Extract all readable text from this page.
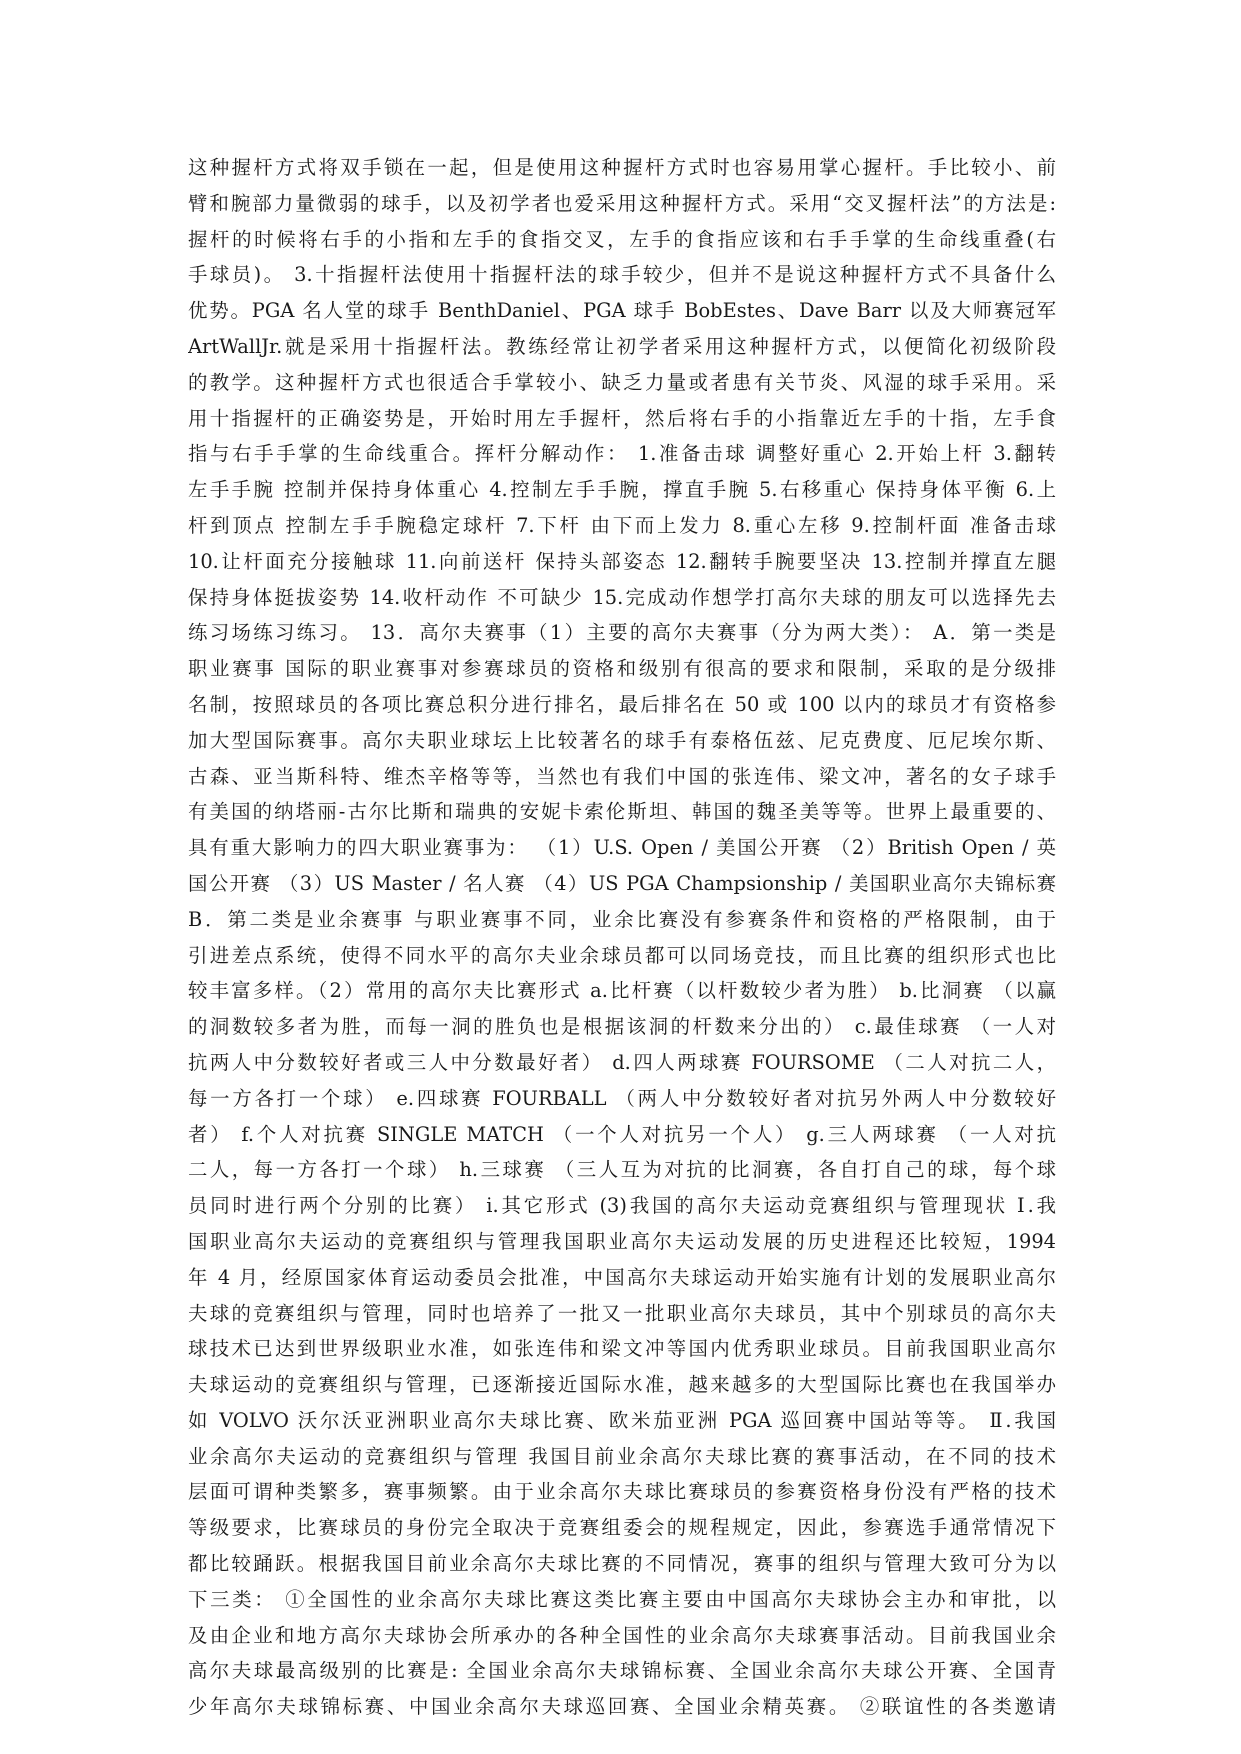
这种握杆方式将双手锁在一起，但是使用这种握杆方式时也容易用掌心握杆。手比较小、前
臂和腕部力量微弱的球手，以及初学者也爱采用这种握杆方式。采用“交叉握杆法”的方法是:
握杆的时候将右手的小指和左手的食指交叉，左手的食指应该和右手手掌的生命线重叠(右
手球员)。 3.十指握杆法使用十指握杆法的球手较少，但并不是说这种握杆方式不具备什么
优势。PGA 名人堂的球手 BenthDaniel、PGA 球手 BobEstes、Dave Barr 以及大师赛冠军
ArtWallJr.就是采用十指握杆法。教练经常让初学者采用这种握杆方式，以便简化初级阶段
的教学。这种握杆方式也很适合手掌较小、缺乏力量或者患有关节炎、风湿的球手采用。采
用十指握杆的正确姿势是，开始时用左手握杆，然后将右手的小指靠近左手的十指，左手食
指与右手手掌的生命线重合。挥杆分解动作： 1.准备击球 调整好重心 2.开始上杆 3.翻转
左手手腕 控制并保持身体重心 4.控制左手手腕，撑直手腕 5.右移重心 保持身体平衡 6.上
杆到顶点 控制左手手腕稳定球杆 7.下杆 由下而上发力 8.重心左移 9.控制杆面 准备击球
10.让杆面充分接触球 11.向前送杆 保持头部姿态 12.翻转手腕要坚决 13.控制并撑直左腿
保持身体挺拔姿势 14.收杆动作 不可缺少 15.完成动作想学打高尔夫球的朋友可以选择先去
练习场练习练习。 13．高尔夫赛事（1）主要的高尔夫赛事（分为两大类）： A．第一类是
职业赛事 国际的职业赛事对参赛球员的资格和级别有很高的要求和限制，采取的是分级排
名制，按照球员的各项比赛总积分进行排名，最后排名在 50 或 100 以内的球员才有资格参
加大型国际赛事。高尔夫职业球坛上比较著名的球手有泰格伍兹、尼克费度、厄尼埃尔斯、
古森、亚当斯科特、维杰辛格等等，当然也有我们中国的张连伟、梁文冲，著名的女子球手
有美国的纳塔丽-古尔比斯和瑞典的安妮卡索伦斯坦、韩国的魏圣美等等。世界上最重要的、
具有重大影响力的四大职业赛事为： （1）U.S. Open / 美国公开赛 （2）British Open / 英
国公开赛 （3）US Master / 名人赛 （4）US PGA Champsionship / 美国职业高尔夫锦标赛
B．第二类是业余赛事 与职业赛事不同，业余比赛没有参赛条件和资格的严格限制，由于
引进差点系统，使得不同水平的高尔夫业余球员都可以同场竞技，而且比赛的组织形式也比
较丰富多样。（2）常用的高尔夫比赛形式 a.比杆赛（以杆数较少者为胜） b.比洞赛 （以赢
的洞数较多者为胜，而每一洞的胜负也是根据该洞的杆数来分出的） c.最佳球赛 （一人对
抗两人中分数较好者或三人中分数最好者） d.四人两球赛 FOURSOME （二人对抗二人，
每一方各打一个球） e.四球赛 FOURBALL （两人中分数较好者对抗另外两人中分数较好
者） f.个人对抗赛 SINGLE MATCH （一个人对抗另一个人） g.三人两球赛 （一人对抗
二人，每一方各打一个球） h.三球赛 （三人互为对抗的比洞赛，各自打自己的球，每个球
员同时进行两个分别的比赛） i.其它形式 (3)我国的高尔夫运动竞赛组织与管理现状 Ⅰ.我
国职业高尔夫运动的竞赛组织与管理我国职业高尔夫运动发展的历史进程还比较短，1994
年 4 月，经原国家体育运动委员会批准，中国高尔夫球运动开始实施有计划的发展职业高尔
夫球的竞赛组织与管理，同时也培养了一批又一批职业高尔夫球员，其中个别球员的高尔夫
球技术已达到世界级职业水准，如张连伟和梁文冲等国内优秀职业球员。目前我国职业高尔
夫球运动的竞赛组织与管理，已逐渐接近国际水准，越来越多的大型国际比赛也在我国举办
如 VOLVO 沃尔沃亚洲职业高尔夫球比赛、欧米茄亚洲 PGA 巡回赛中国站等等。 Ⅱ.我国
业余高尔夫运动的竞赛组织与管理 我国目前业余高尔夫球比赛的赛事活动，在不同的技术
层面可谓种类繁多，赛事频繁。由于业余高尔夫球比赛球员的参赛资格身份没有严格的技术
等级要求，比赛球员的身份完全取决于竞赛组委会的规程规定，因此，参赛选手通常情况下
都比较踊跃。根据我国目前业余高尔夫球比赛的不同情况，赛事的组织与管理大致可分为以
下三类： ①全国性的业余高尔夫球比赛这类比赛主要由中国高尔夫球协会主办和审批，以
及由企业和地方高尔夫球协会所承办的各种全国性的业余高尔夫球赛事活动。目前我国业余
高尔夫球最高级别的比赛是: 全国业余高尔夫球锦标赛、全国业余高尔夫球公开赛、全国青
少年高尔夫球锦标赛、中国业余高尔夫球巡回赛、全国业余精英赛。 ②联谊性的各类邀请
